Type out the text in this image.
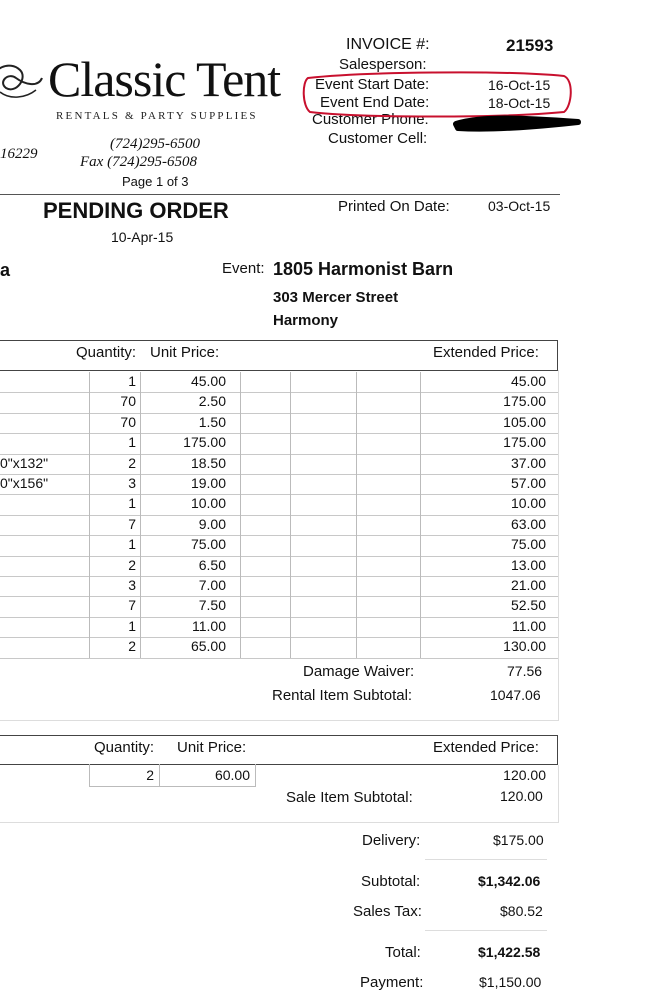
Classic Tent
RENTALS & PARTY SUPPLIES
(724)295-6500
Fax (724)295-6508
16229
Page 1 of 3
INVOICE #:	21593
Salesperson:
Event Start Date:	16-Oct-15
Event End Date:	18-Oct-15
Customer Phone:
Customer Cell:
PENDING ORDER
10-Apr-15
Printed On Date:	03-Oct-15
a	Event: 1805 Harmonist Barn
303 Mercer Street
Harmony
Quantity: Unit Price:	Extended Price:
1	45.00	45.00
70	2.50	175.00
70	1.50	105.00
1	175.00	175.00
0"x132"	2	18.50	37.00
0"x156"	3	19.00	57.00
1	10.00	10.00
7	9.00	63.00
1	75.00	75.00
2	6.50	13.00
3	7.00	21.00
7	7.50	52.50
1	11.00	11.00
2	65.00	130.00
Damage Waiver:	77.56
Rental Item Subtotal:	1047.06
Quantity: Unit Price:	Extended Price:
2	60.00	120.00
Sale Item Subtotal:	120.00
Delivery:	$175.00
Subtotal:	$1,342.06
Sales Tax:	$80.52
Total:	$1,422.58
Payment:	$1,150.00
